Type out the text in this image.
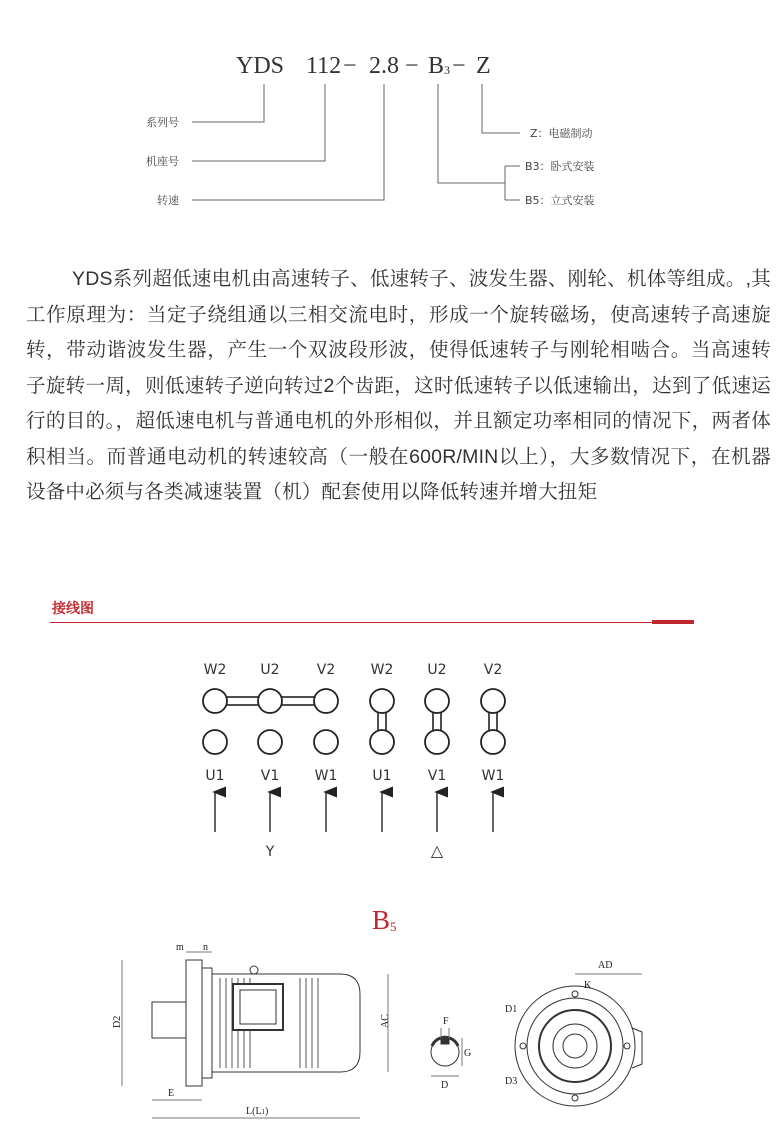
YDS 112 − 2.8 − B 3 − Z
系列号
机座号
转速
Z：电磁制动
B3：卧式安装
B5：立式安装

YDS系列超低速电机由高速转子、低速转子、波发生器、刚轮、机体等组成。,其工作原理为：当定子绕组通以三相交流电时，形成一个旋转磁场，使高速转子高速旋转，带动谐波发生器，产生一个双波段形波，使得低速转子与刚轮相啮合。当高速转子旋转一周，则低速转子逆向转过2个齿距，这时低速转子以低速输出，达到了低速运行的目的。，超低速电机与普通电机的外形相似，并且额定功率相同的情况下，两者体积相当。而普通电动机的转速较高（一般在600R/MIN以上），大多数情况下，在机器设备中必须与各类减速装置（机）配套使用以降低转速并增大扭矩

接线图
W2 U2	V2	W2 U2	V2
U1	V1	W1	U1	V1	W1
Y	△
$B_5$
m n
D2	AC
E
L(L1)
F
G
D
AD
K
D1
D3
